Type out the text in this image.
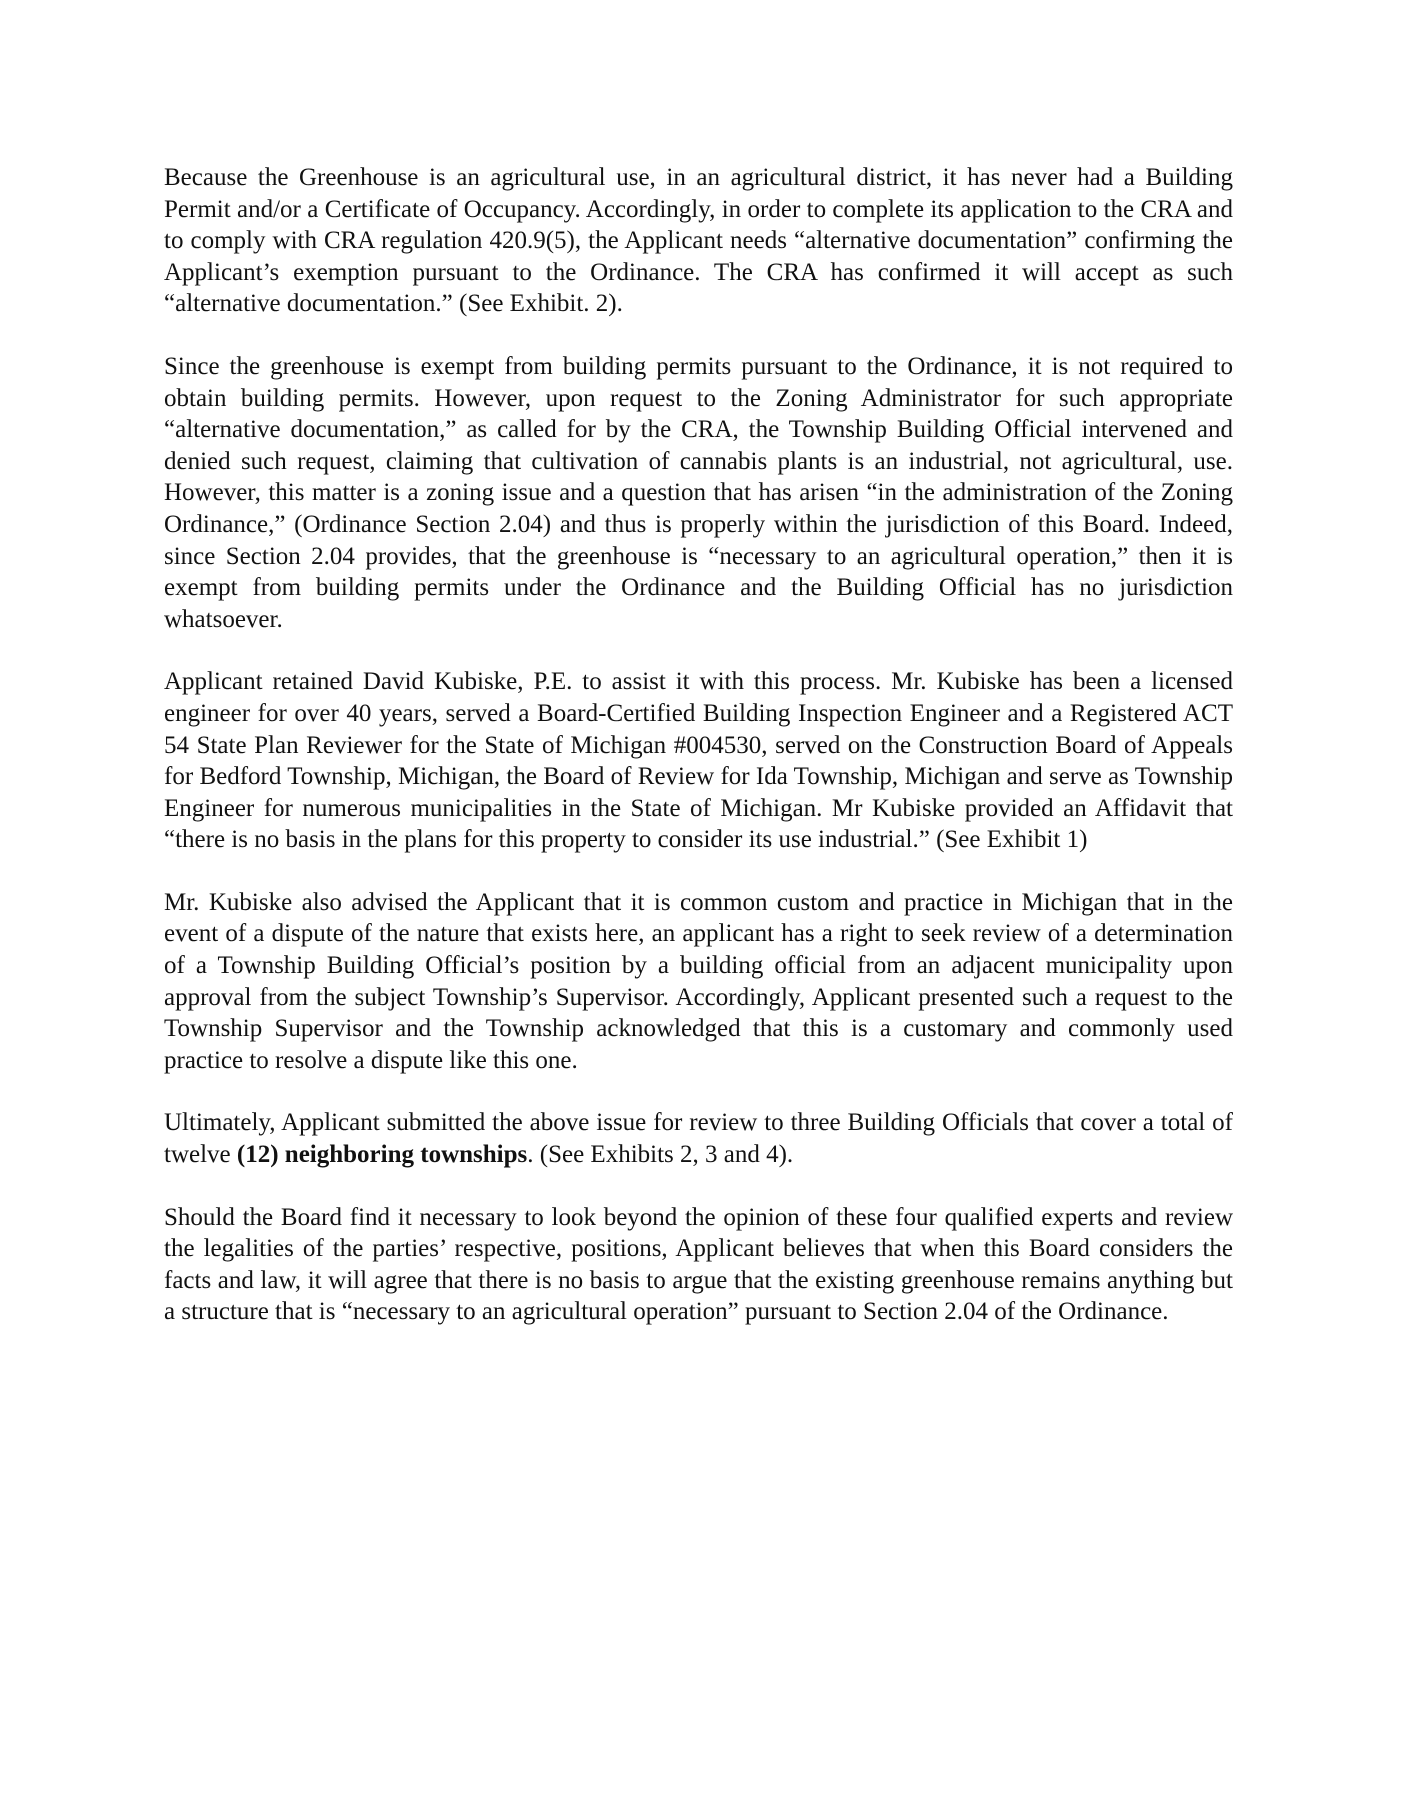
Because the Greenhouse is an agricultural use, in an agricultural district, it has never had a Building Permit and/or a Certificate of Occupancy. Accordingly, in order to complete its application to the CRA and to comply with CRA regulation 420.9(5), the Applicant needs “alternative documentation” confirming the Applicant’s exemption pursuant to the Ordinance. The CRA has confirmed it will accept as such “alternative documentation.” (See Exhibit. 2).

Since the greenhouse is exempt from building permits pursuant to the Ordinance, it is not required to obtain building permits. However, upon request to the Zoning Administrator for such appropriate “alternative documentation,” as called for by the CRA, the Township Building Official intervened and denied such request, claiming that cultivation of cannabis plants is an industrial, not agricultural, use. However, this matter is a zoning issue and a question that has arisen “in the administration of the Zoning Ordinance,” (Ordinance Section 2.04) and thus is properly within the jurisdiction of this Board. Indeed, since Section 2.04 provides, that the greenhouse is “necessary to an agricultural operation,” then it is exempt from building permits under the Ordinance and the Building Official has no jurisdiction whatsoever.

Applicant retained David Kubiske, P.E. to assist it with this process. Mr. Kubiske has been a licensed engineer for over 40 years, served a Board-Certified Building Inspection Engineer and a Registered ACT 54 State Plan Reviewer for the State of Michigan #004530, served on the Construction Board of Appeals for Bedford Township, Michigan, the Board of Review for Ida Township, Michigan and serve as Township Engineer for numerous municipalities in the State of Michigan. Mr Kubiske provided an Affidavit that “there is no basis in the plans for this property to consider its use industrial.” (See Exhibit 1)

Mr. Kubiske also advised the Applicant that it is common custom and practice in Michigan that in the event of a dispute of the nature that exists here, an applicant has a right to seek review of a determination of a Township Building Official’s position by a building official from an adjacent municipality upon approval from the subject Township’s Supervisor. Accordingly, Applicant presented such a request to the Township Supervisor and the Township acknowledged that this is a customary and commonly used practice to resolve a dispute like this one.

Ultimately, Applicant submitted the above issue for review to three Building Officials that cover a total of twelve (12) neighboring townships. (See Exhibits 2, 3 and 4).

Should the Board find it necessary to look beyond the opinion of these four qualified experts and review the legalities of the parties’ respective, positions, Applicant believes that when this Board considers the facts and law, it will agree that there is no basis to argue that the existing greenhouse remains anything but a structure that is “necessary to an agricultural operation” pursuant to Section 2.04 of the Ordinance.
